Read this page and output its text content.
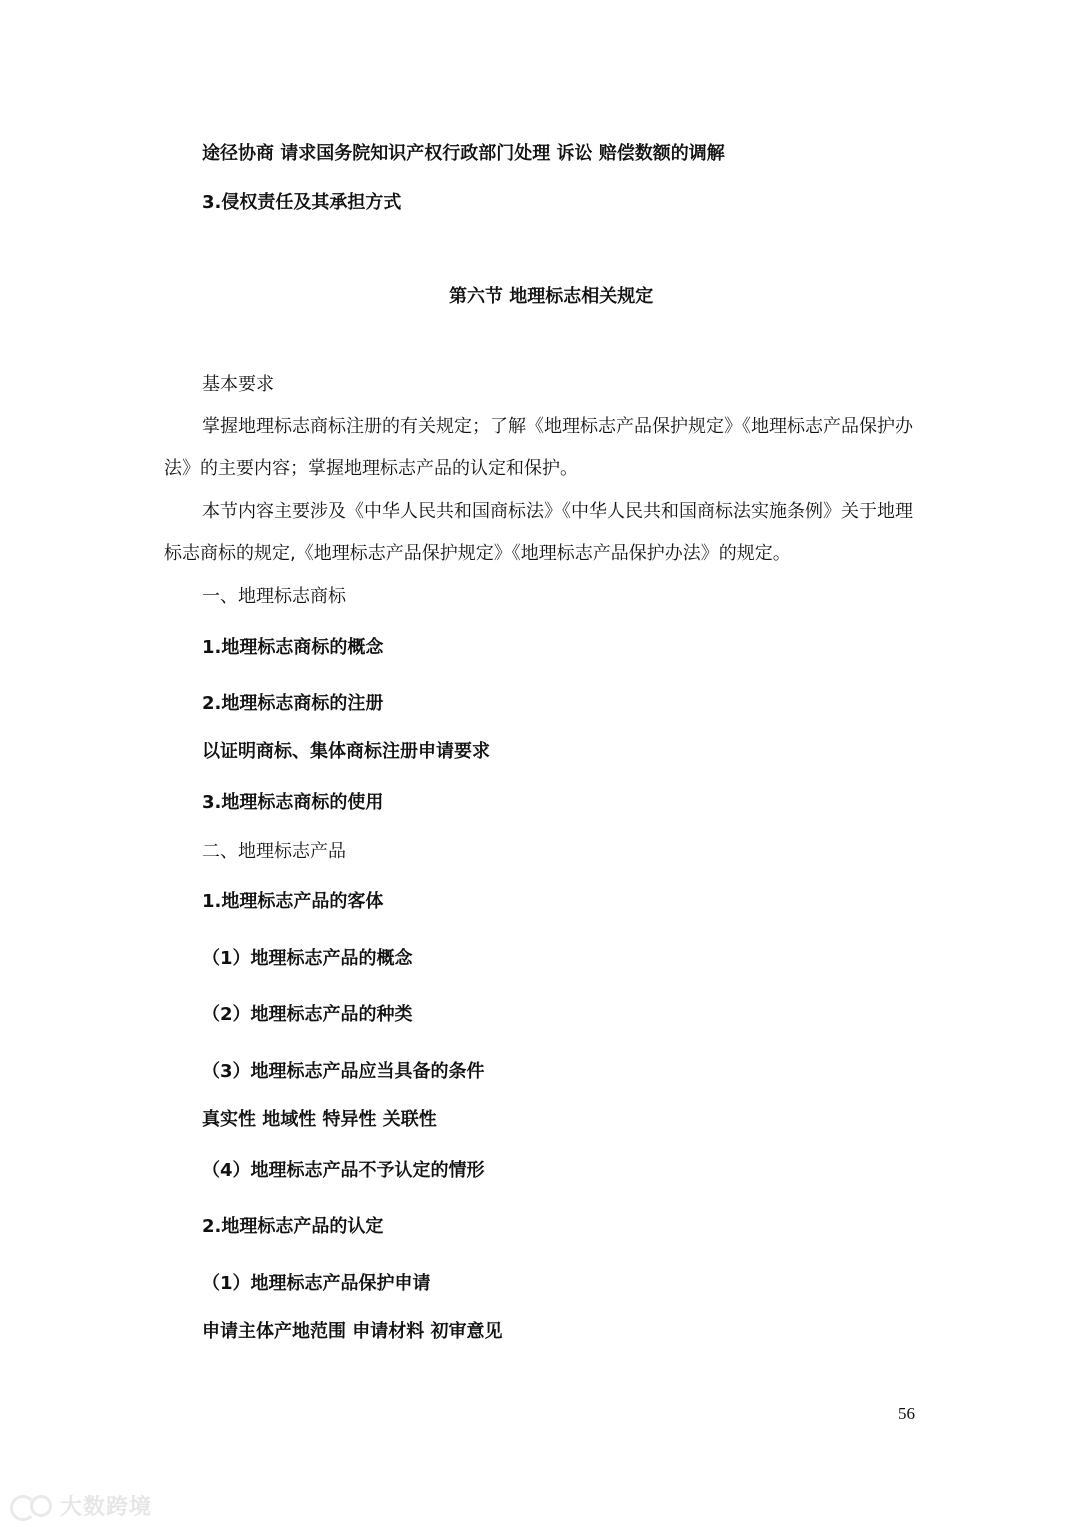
途径协商 请求国务院知识产权行政部门处理 诉讼 赔偿数额的调解
3.侵权责任及其承担方式
第六节 地理标志相关规定
基本要求
掌握地理标志商标注册的有关规定；了解《地理标志产品保护规定》《地理标志产品保护办法》的主要内容；掌握地理标志产品的认定和保护。
本节内容主要涉及《中华人民共和国商标法》《中华人民共和国商标法实施条例》关于地理标志商标的规定,《地理标志产品保护规定》《地理标志产品保护办法》的规定。
一、地理标志商标
1.地理标志商标的概念
2.地理标志商标的注册
以证明商标、集体商标注册申请要求
3.地理标志商标的使用
二、地理标志产品
1.地理标志产品的客体
（1）地理标志产品的概念
（2）地理标志产品的种类
（3）地理标志产品应当具备的条件
真实性 地域性 特异性 关联性
（4）地理标志产品不予认定的情形
2.地理标志产品的认定
（1）地理标志产品保护申请
申请主体产地范围 申请材料 初审意见
56
大数跨境
